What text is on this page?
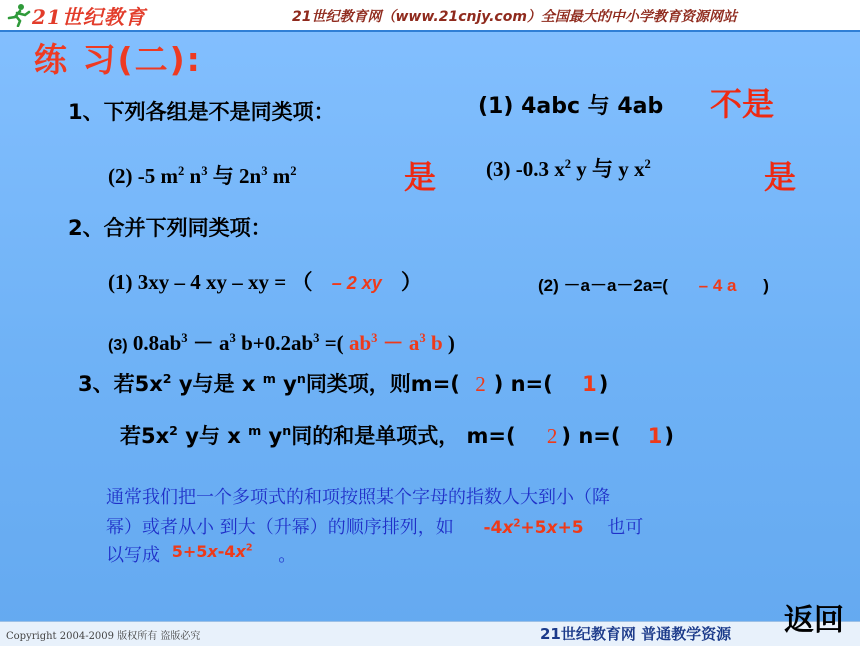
21世纪教育	21世纪教育网（www.21cnjy.com）全国最大的中小学教育资源网站
练 习(二):
1、下列各组是不是同类项：	(1) 4abc 与 4ab 不是
(2) -5 $m^2$ $n^3$ 与 $2n^3$ $m^2$	是 (3) -0.3 $x^2$ y 与 y $x^2$	是
2、合并下列同类项：
(1) 3xy – 4 xy – xy = （ – 2 xy ）	(2) －a－a－2a=( – 4 a )
(3) $0.8ab^3 - a^3$ $b+0.2ab^3$ =( $ab^3 - a^3$ b )
3、若$5x^2$ y与是 x $^m$ $y^n$同类项，则m=( 2 ) n=( 1)
若$5x^2$ y与 x $^m$ $y^n$同的和是单项式， m=( 2 ) n=( 1)
通常我们把一个多项式的和项按照某个字母的指数人大到小（降
幂）或者从小 到大（升幂）的顺序排列，如 $-4x^2+5x+5$ 也可
以写成 $5+5x-4x^2$ 。
Copyright 2004-2009 版权所有 盗版必究	21世纪教育网 普通教学资源 返回
